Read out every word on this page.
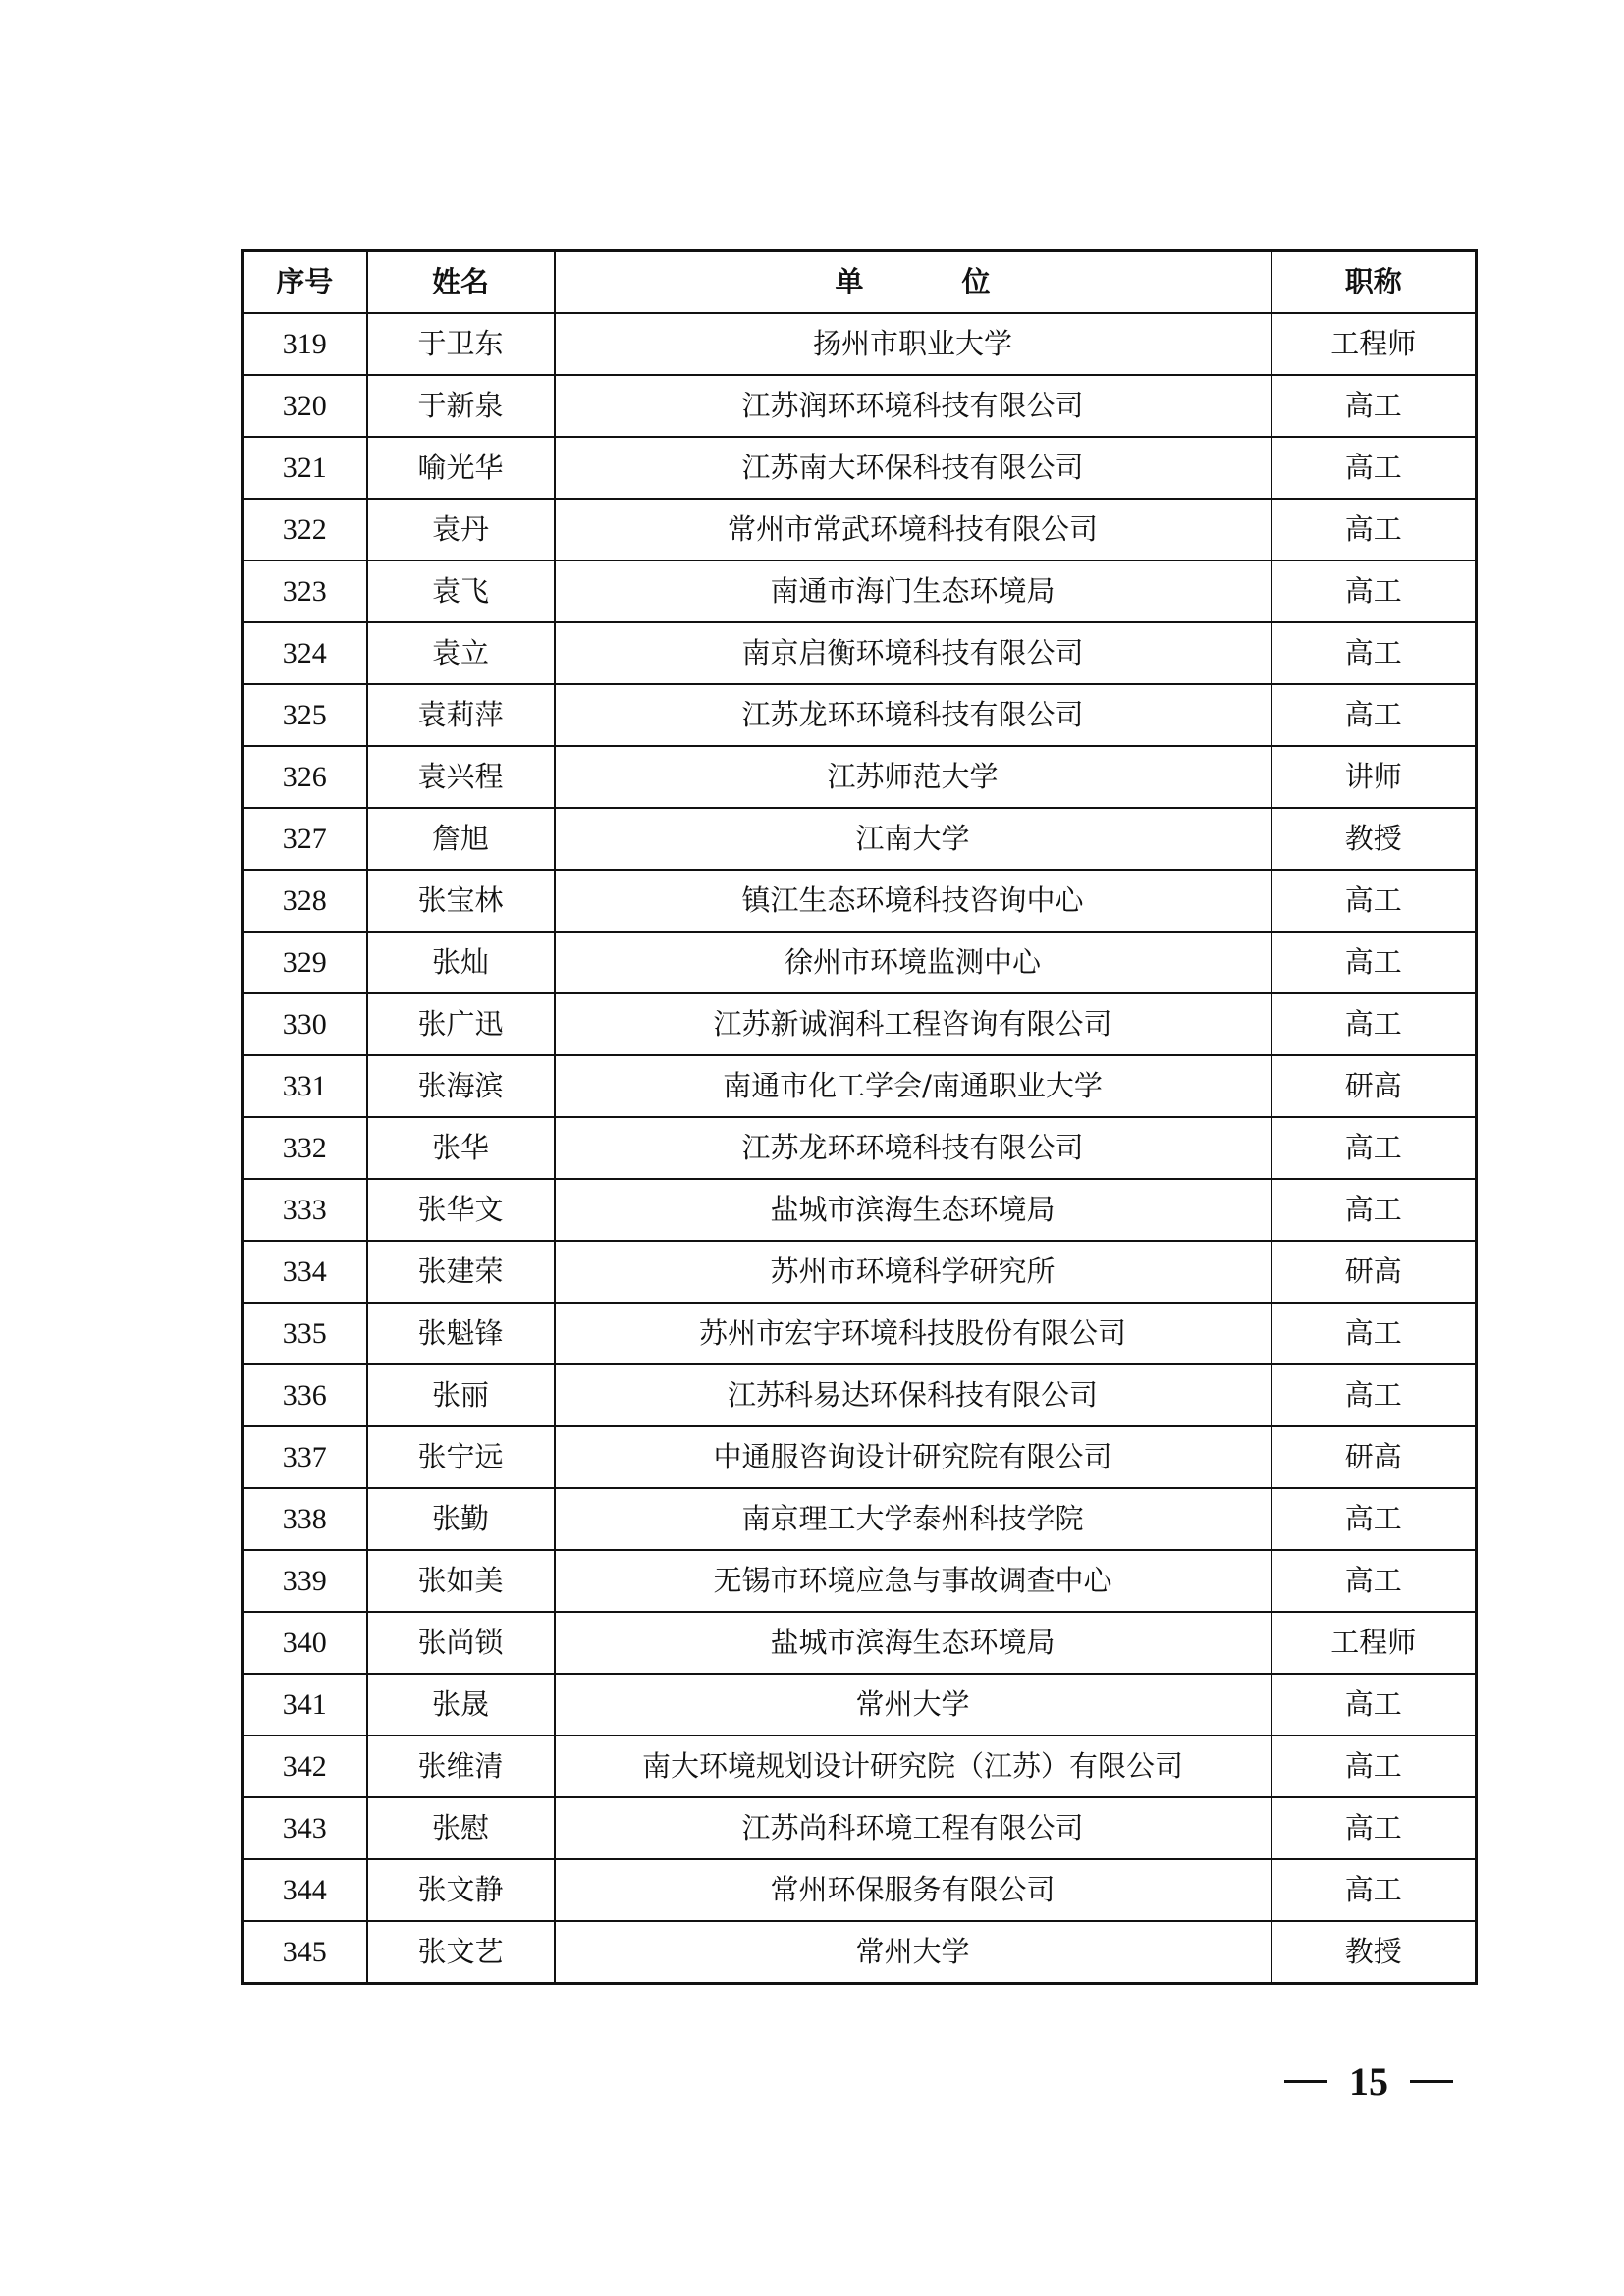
序号	姓名	单 位	职称
319	于卫东	扬州市职业大学	工程师
320	于新泉	江苏润环环境科技有限公司	高工
321	喻光华	江苏南大环保科技有限公司	高工
322	袁丹	常州市常武环境科技有限公司	高工
323	袁飞	南通市海门生态环境局	高工
324	袁立	南京启衡环境科技有限公司	高工
325	袁莉萍	江苏龙环环境科技有限公司	高工
326	袁兴程	江苏师范大学	讲师
327	詹旭	江南大学	教授
328	张宝林	镇江生态环境科技咨询中心	高工
329	张灿	徐州市环境监测中心	高工
330	张广迅	江苏新诚润科工程咨询有限公司	高工
331	张海滨	南通市化工学会/南通职业大学	研高
332	张华	江苏龙环环境科技有限公司	高工
333	张华文	盐城市滨海生态环境局	高工
334	张建荣	苏州市环境科学研究所	研高
335	张魁锋	苏州市宏宇环境科技股份有限公司	高工
336	张丽	江苏科易达环保科技有限公司	高工
337	张宁远	中通服咨询设计研究院有限公司	研高
338	张勤	南京理工大学泰州科技学院	高工
339	张如美	无锡市环境应急与事故调查中心	高工
340	张尚锁	盐城市滨海生态环境局	工程师
341	张晟	常州大学	高工
342	张维清	南大环境规划设计研究院（江苏）有限公司	高工
343	张慰	江苏尚科环境工程有限公司	高工
344	张文静	常州环保服务有限公司	高工
345	张文艺	常州大学	教授
15
